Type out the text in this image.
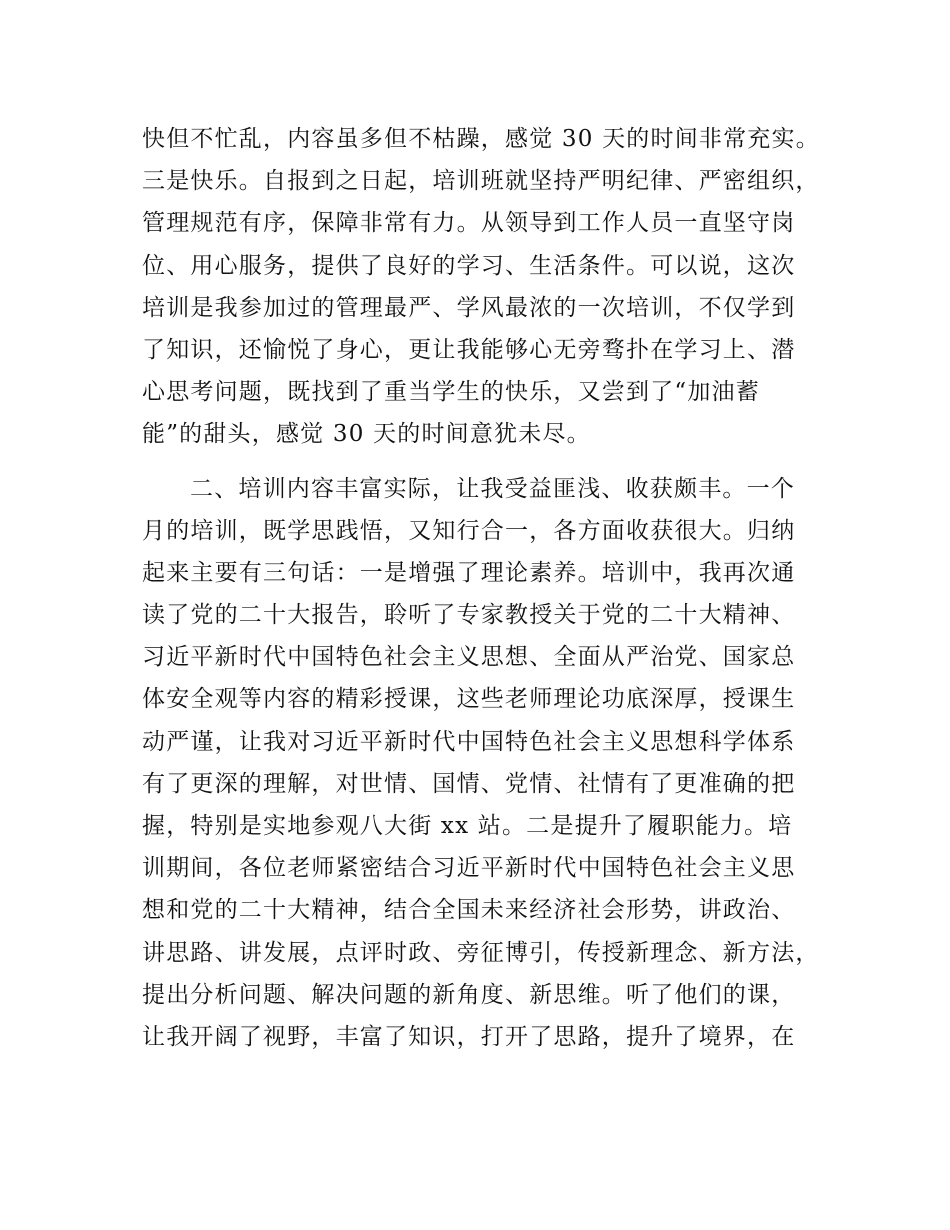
快但不忙乱，内容虽多但不枯躁，感觉 30 天的时间非常充实。
三是快乐。自报到之日起，培训班就坚持严明纪律、严密组织，
管理规范有序，保障非常有力。从领导到工作人员一直坚守岗
位、用心服务，提供了良好的学习、生活条件。可以说，这次
培训是我参加过的管理最严、学风最浓的一次培训，不仅学到
了知识，还愉悦了身心，更让我能够心无旁骛扑在学习上、潜
心思考问题，既找到了重当学生的快乐，又尝到了“加油蓄
能”的甜头，感觉 30 天的时间意犹未尽。
二、培训内容丰富实际，让我受益匪浅、收获颇丰。一个
月的培训，既学思践悟，又知行合一，各方面收获很大。归纳
起来主要有三句话：一是增强了理论素养。培训中，我再次通
读了党的二十大报告，聆听了专家教授关于党的二十大精神、
习近平新时代中国特色社会主义思想、全面从严治党、国家总
体安全观等内容的精彩授课，这些老师理论功底深厚，授课生
动严谨，让我对习近平新时代中国特色社会主义思想科学体系
有了更深的理解，对世情、国情、党情、社情有了更准确的把
握，特别是实地参观八大街 xx 站。二是提升了履职能力。培
训期间，各位老师紧密结合习近平新时代中国特色社会主义思
想和党的二十大精神，结合全国未来经济社会形势，讲政治、
讲思路、讲发展，点评时政、旁征博引，传授新理念、新方法，
提出分析问题、解决问题的新角度、新思维。听了他们的课，
让我开阔了视野，丰富了知识，打开了思路，提升了境界，在
